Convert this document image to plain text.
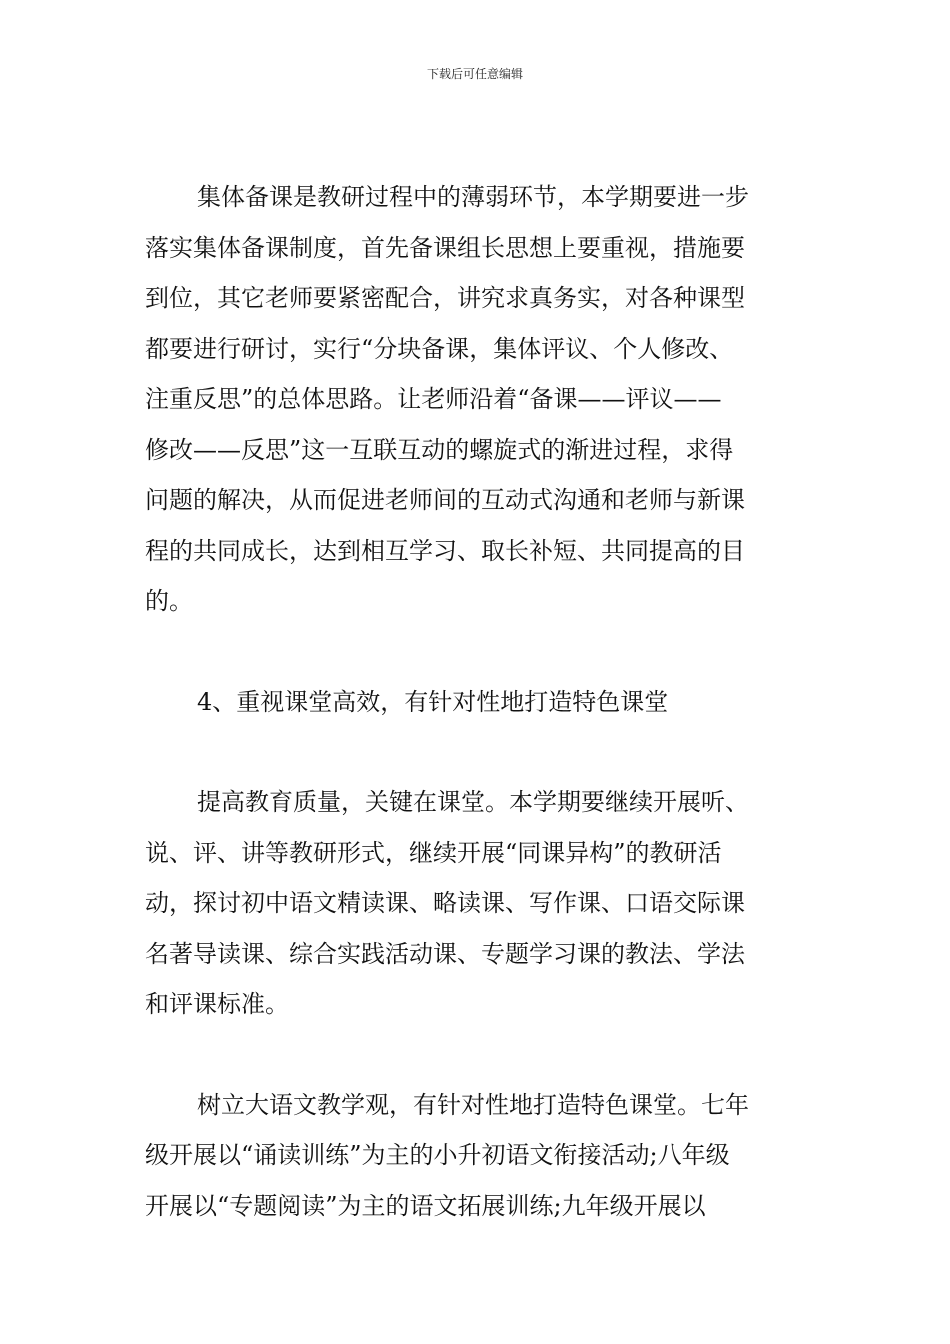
下载后可任意编辑
集体备课是教研过程中的薄弱环节，本学期要进一步
落实集体备课制度，首先备课组长思想上要重视，措施要
到位，其它老师要紧密配合，讲究求真务实，对各种课型
都要进行研讨，实行“分块备课，集体评议、个人修改、
注重反思”的总体思路。让老师沿着“备课——评议——
修改——反思”这一互联互动的螺旋式的渐进过程，求得
问题的解决，从而促进老师间的互动式沟通和老师与新课
程的共同成长，达到相互学习、取长补短、共同提高的目
的。

4、重视课堂高效，有针对性地打造特色课堂

提高教育质量，关键在课堂。本学期要继续开展听、
说、评、讲等教研形式，继续开展“同课异构”的教研活
动，探讨初中语文精读课、略读课、写作课、口语交际课
名著导读课、综合实践活动课、专题学习课的教法、学法
和评课标准。
树立大语文教学观，有针对性地打造特色课堂。七年
级开展以“诵读训练”为主的小升初语文衔接活动;八年级
开展以“专题阅读”为主的语文拓展训练;九年级开展以
